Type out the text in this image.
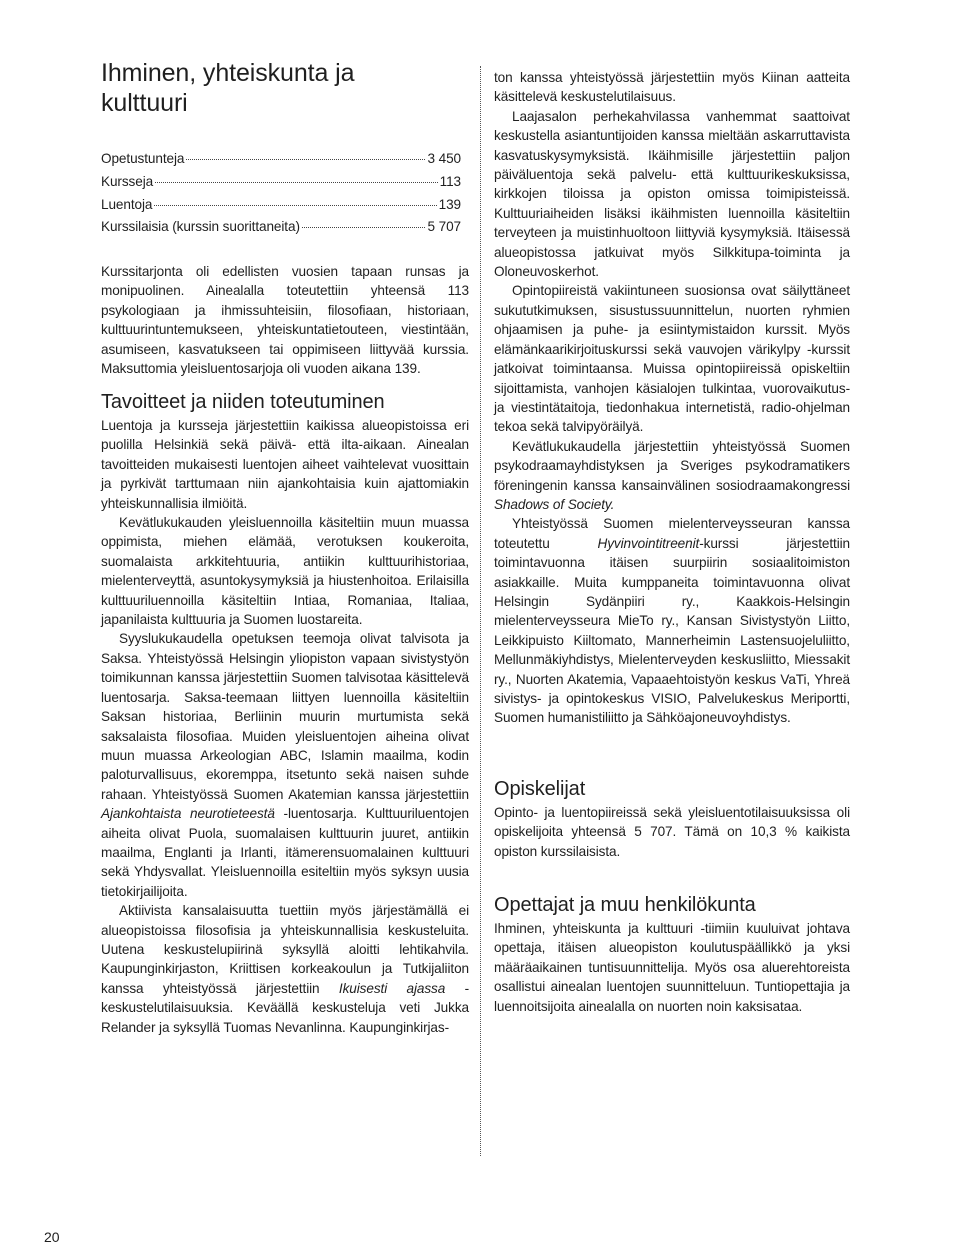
Ihminen, yhteiskunta ja kulttuuri
Opetustunteja	3 450
Kursseja	113
Luentoja	139
Kurssilaisia (kurssin suorittaneita)	5 707

Kurssitarjonta oli edellisten vuosien tapaan runsas ja monipuolinen. Ainealalla toteutettiin yhteensä 113 psykologiaan ja ihmissuhteisiin, filosofiaan, historiaan, kulttuurintuntemukseen, yhteiskuntatietouteen, viestintään, asumiseen, kasvatukseen tai oppimiseen liittyvää kurssia. Maksuttomia yleisluentosarjoja oli vuoden aikana 139.

Tavoitteet ja niiden toteutuminen

Luentoja ja kursseja järjestettiin kaikissa alueopistoissa eri puolilla Helsinkiä sekä päivä- että ilta-aikaan. Ainealan tavoitteiden mukaisesti luentojen aiheet vaihtelevat vuosittain ja pyrkivät tarttumaan niin ajankohtaisia kuin ajattomiakin yhteiskunnallisia ilmiöitä.

Kevätlukukauden yleisluennoilla käsiteltiin muun muassa oppimista, miehen elämää, verotuksen koukeroita, suomalaista arkkitehtuuria, antiikin kulttuurihistoriaa, mielenterveyttä, asuntokysymyksiä ja hiustenhoitoa. Erilaisilla kulttuuriluennoilla käsiteltiin Intiaa, Romaniaa, Italiaa, japanilaista kulttuuria ja Suomen luostareita.

Syyslukukaudella opetuksen teemoja olivat talvisota ja Saksa. Yhteistyössä Helsingin yliopiston vapaan sivistystyön toimikunnan kanssa järjestettiin Suomen talvisotaa käsittelevä luentosarja. Saksa-teemaan liittyen luennoilla käsiteltiin Saksan historiaa, Berliinin muurin murtumista sekä saksalaista filosofiaa. Muiden yleisluentojen aiheina olivat muun muassa Arkeologian ABC, Islamin maailma, kodin paloturvallisuus, ekoremppa, itsetunto sekä naisen suhde rahaan. Yhteistyössä Suomen Akatemian kanssa järjestettiin Ajankohtaista neurotieteestä -luentosarja. Kulttuuriluentojen aiheita olivat Puola, suomalaisen kulttuurin juuret, antiikin maailma, Englanti ja Irlanti, itämerensuomalainen kulttuuri sekä Yhdysvallat. Yleisluennoilla esiteltiin myös syksyn uusia tietokirjailijoita.

Aktiivista kansalaisuutta tuettiin myös järjestämällä ei alueopistoissa filosofisia ja yhteiskunnallisia keskusteluita. Uutena keskustelupiirinä syksyllä aloitti lehtikahvila. Kaupunginkirjaston, Kriittisen korkeakoulun ja Tutkijaliiton kanssa yhteistyössä järjestettiin Ikuisesti ajassa -keskustelutilaisuuksia. Keväällä keskusteluja veti Jukka Relander ja syksyllä Tuomas Nevanlinna. Kaupunginkirjas-

ton kanssa yhteistyössä järjestettiin myös Kiinan aatteita käsittelevä keskustelutilaisuus.

Laajasalon perhekahvilassa vanhemmat saattoivat keskustella asiantuntijoiden kanssa mieltään askarruttavista kasvatuskysymyksistä. Ikäihmisille järjestettiin paljon päiväluentoja sekä palvelu- että kulttuurikeskuksissa, kirkkojen tiloissa ja opiston omissa toimipisteissä. Kulttuuriaiheiden lisäksi ikäihmisten luennoilla käsiteltiin terveyteen ja muistinhuoltoon liittyviä kysymyksiä. Itäisessä alueopistossa jatkuivat myös Silkkitupa-toiminta ja Oloneuvoskerhot.

Opintopiireistä vakiintuneen suosionsa ovat säilyttäneet sukututkimuksen, sisustussuunnittelun, nuorten ryhmien ohjaamisen ja puhe- ja esiintymistaidon kurssit. Myös elämänkaarikirjoituskurssi sekä vauvojen värikylpy -kurssit jatkoivat toimintaansa. Muissa opintopiireissä opiskeltiin sijoittamista, vanhojen käsialojen tulkintaa, vuorovaikutus- ja viestintätaitoja, tiedonhakua internetistä, radio-ohjelman tekoa sekä talvipyöräilyä.

Kevätlukukaudella järjestettiin yhteistyössä Suomen psykodraamayhdistyksen ja Sveriges psykodramatikers föreningenin kanssa kansainvälinen sosiodraamakongressi Shadows of Society.

Yhteistyössä Suomen mielenterveysseuran kanssa toteutettu Hyvinvointitreenit-kurssi järjestettiin toimintavuonna itäisen suurpiirin sosiaalitoimiston asiakkaille. Muita kumppaneita toimintavuonna olivat Helsingin Sydänpiiri ry., Kaakkois-Helsingin mielenterveysseura MieTo ry., Kansan Sivistystyön Liitto, Leikkipuisto Kiiltomato, Mannerheimin Lastensuojeluliitto, Mellunmäkiyhdistys, Mielenterveyden keskusliitto, Miessakit ry., Nuorten Akatemia, Vapaaehtoistyön keskus VaTi, Yhreä sivistys- ja opintokeskus VISIO, Palvelukeskus Meriportti, Suomen humanistiliitto ja Sähköajoneuvoyhdistys.

Opiskelijat

Opinto- ja luentopiireissä sekä yleisluentotilaisuuksissa oli opiskelijoita yhteensä 5 707. Tämä on 10,3 % kaikista opiston kurssilaisista.

Opettajat ja muu henkilökunta

Ihminen, yhteiskunta ja kulttuuri -tiimiin kuuluivat johtava opettaja, itäisen alueopiston koulutuspäällikkö ja yksi määräaikainen tuntisuunnittelija. Myös osa aluerehtoreista osallistui ainealan luentojen suunnitteluun. Tuntiopettajia ja luennoitsijoita ainealalla on nuorten noin kaksisataa.

20
